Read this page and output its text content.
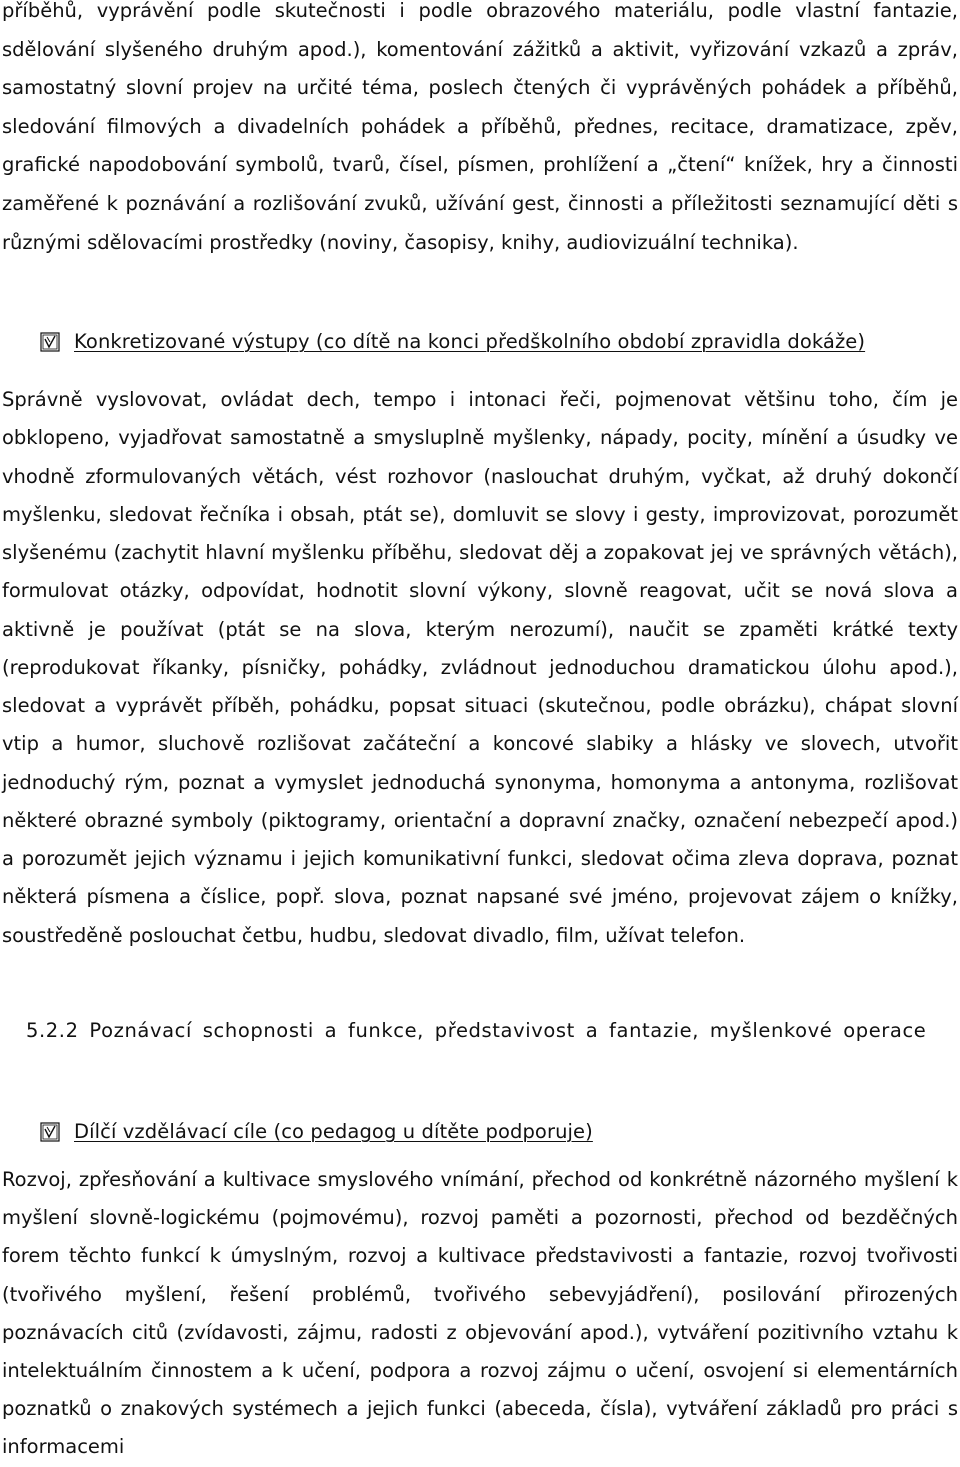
příběhů, vyprávění podle skutečnosti i podle obrazového materiálu, podle vlastní fantazie, sdělování slyšeného druhým apod.), komentování zážitků a aktivit, vyřizování vzkazů a zpráv, samostatný slovní projev na určité téma, poslech čtených či vyprávěných pohádek a příběhů, sledování filmových a divadelních pohádek a příběhů, přednes, recitace, dramatizace, zpěv, grafické napodobování symbolů, tvarů, čísel, písmen, prohlížení a „čtení“ knížek, hry a činnosti zaměřené k poznávání a rozlišování zvuků, užívání gest, činnosti a příležitosti seznamující děti s různými sdělovacími prostředky (noviny, časopisy, knihy, audiovizuální technika).

Konkretizované výstupy (co dítě na konci předškolního období zpravidla dokáže)

Správně vyslovovat, ovládat dech, tempo i intonaci řeči, pojmenovat většinu toho, čím je obklopeno, vyjadřovat samostatně a smysluplně myšlenky, nápady, pocity, mínění a úsudky ve vhodně zformulovaných větách, vést rozhovor (naslouchat druhým, vyčkat, až druhý dokončí myšlenku, sledovat řečníka i obsah, ptát se), domluvit se slovy i gesty, improvizovat, porozumět slyšenému (zachytit hlavní myšlenku příběhu, sledovat děj a zopakovat jej ve správných větách), formulovat otázky, odpovídat, hodnotit slovní výkony, slovně reagovat, učit se nová slova a aktivně je používat (ptát se na slova, kterým nerozumí), naučit se zpaměti krátké texty (reprodukovat říkanky, písničky, pohádky, zvládnout jednoduchou dramatickou úlohu apod.), sledovat a vyprávět příběh, pohádku, popsat situaci (skutečnou, podle obrázku), chápat slovní vtip a humor, sluchově rozlišovat začáteční a koncové slabiky a hlásky ve slovech, utvořit jednoduchý rým, poznat a vymyslet jednoduchá synonyma, homonyma a antonyma, rozlišovat některé obrazné symboly (piktogramy, orientační a dopravní značky, označení nebezpečí apod.) a porozumět jejich významu i jejich komunikativní funkci, sledovat očima zleva doprava, poznat některá písmena a číslice, popř. slova, poznat napsané své jméno, projevovat zájem o knížky, soustředěně poslouchat četbu, hudbu, sledovat divadlo, film, užívat telefon.

5.2.2 Poznávací schopnosti a funkce, představivost a fantazie, myšlenkové operace

Dílčí vzdělávací cíle (co pedagog u dítěte podporuje)

Rozvoj, zpřesňování a kultivace smyslového vnímání, přechod od konkrétně názorného myšlení k myšlení slovně-logickému (pojmovému), rozvoj paměti a pozornosti, přechod od bezděčných forem těchto funkcí k úmyslným, rozvoj a kultivace představivosti a fantazie, rozvoj tvořivosti (tvořivého myšlení, řešení problémů, tvořivého sebevyjádření), posilování přirozených poznávacích citů (zvídavosti, zájmu, radosti z objevování apod.), vytváření pozitivního vztahu k intelektuálním činnostem a k učení, podpora a rozvoj zájmu o učení, osvojení si elementárních poznatků o znakových systémech a jejich funkci (abeceda, čísla), vytváření základů pro práci s informacemi
